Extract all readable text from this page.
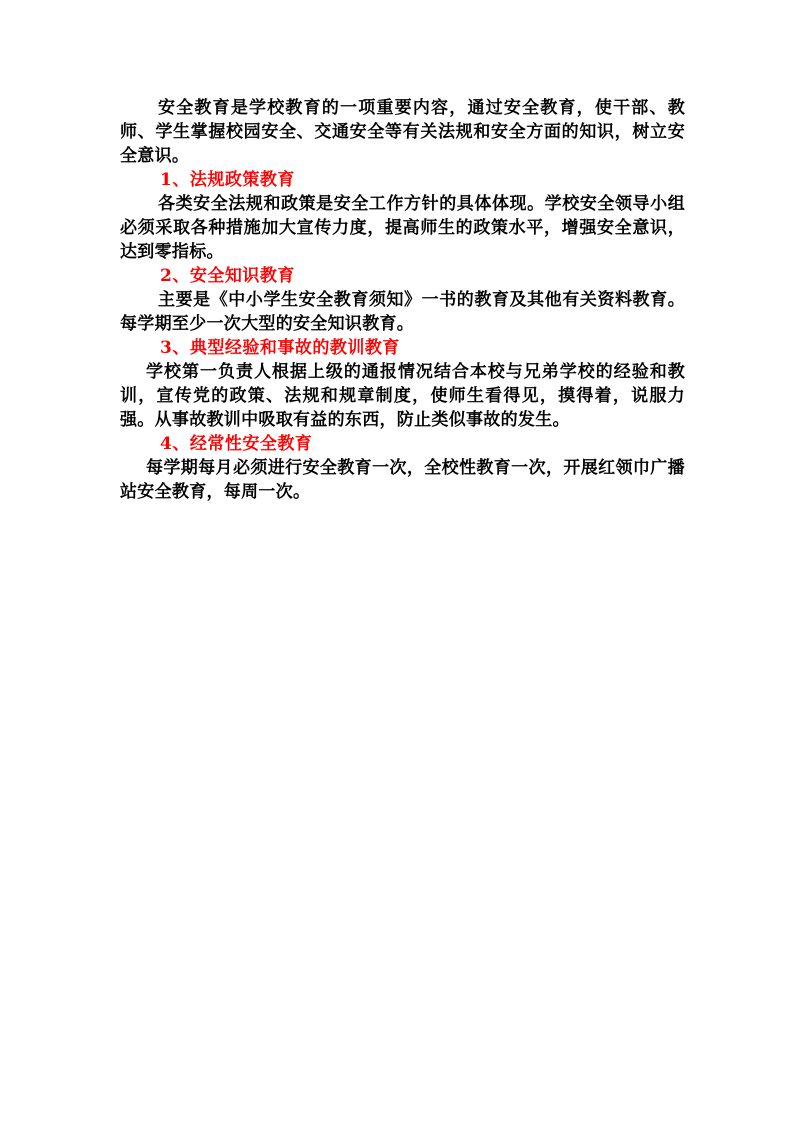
安全教育是学校教育的一项重要内容，通过安全教育，使干部、教师、学生掌握校园安全、交通安全等有关法规和安全方面的知识，树立安全意识。

1、法规政策教育

各类安全法规和政策是安全工作方针的具体体现。学校安全领导小组必须采取各种措施加大宣传力度，提高师生的政策水平，增强安全意识，达到零指标。

2、安全知识教育

主要是《中小学生安全教育须知》一书的教育及其他有关资料教育。每学期至少一次大型的安全知识教育。

3、典型经验和事故的教训教育

学校第一负责人根据上级的通报情况结合本校与兄弟学校的经验和教训，宣传党的政策、法规和规章制度，使师生看得见，摸得着，说服力强。从事故教训中吸取有益的东西，防止类似事故的发生。

4、经常性安全教育

每学期每月必须进行安全教育一次，全校性教育一次，开展红领巾广播站安全教育，每周一次。
